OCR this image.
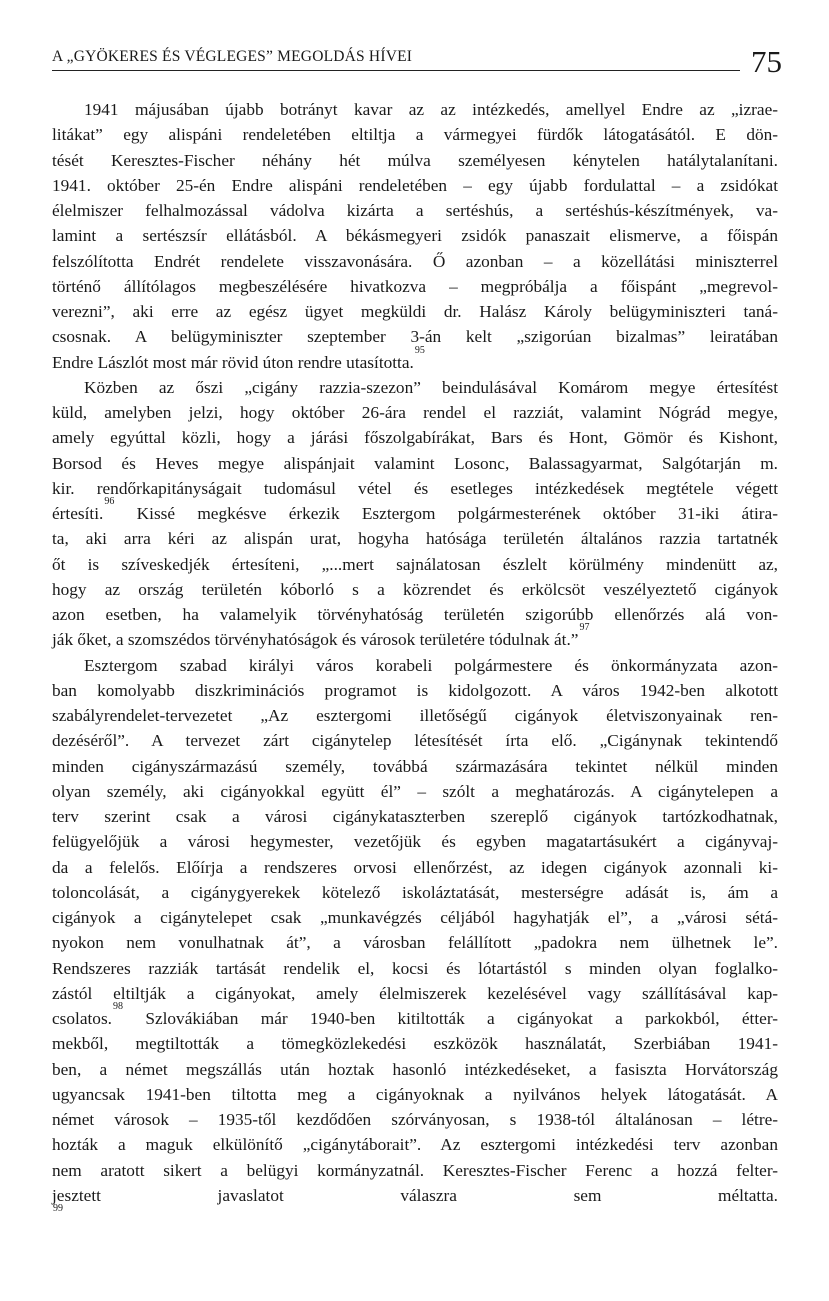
A „GYÖKERES ÉS VÉGLEGES” MEGOLDÁS HÍVEI	75
1941 májusában újabb botrányt kavar az az intézkedés, amellyel Endre az „izrae-
litákat” egy alispáni rendeletében eltiltja a vármegyei fürdők látogatásától. E dön-
tését Keresztes-Fischer néhány hét múlva személyesen kénytelen hatálytalanítani.
1941. október 25-én Endre alispáni rendeletében – egy újabb fordulattal – a zsidókat
élelmiszer felhalmozással vádolva kizárta a sertéshús, a sertéshús-készítmények, va-
lamint a sertészsír ellátásból. A békásmegyeri zsidók panaszait elismerve, a főispán
felszólította Endrét rendelete visszavonására. Ő azonban – a közellátási miniszterrel
történő állítólagos megbeszélésére hivatkozva – megpróbálja a főispánt „megrevol-
verezni”, aki erre az egész ügyet megküldi dr. Halász Károly belügyminiszteri taná-
csosnak. A belügyminiszter szeptember 3-án kelt „szigorúan bizalmas” leiratában
Endre Lászlót most már rövid úton rendre utasította.$^{95}$
Közben az őszi „cigány razzia-szezon” beindulásával Komárom megye értesítést
küld, amelyben jelzi, hogy október 26-ára rendel el razziát, valamint Nógrád megye,
amely egyúttal közli, hogy a járási főszolgabírákat, Bars és Hont, Gömör és Kishont,
Borsod és Heves megye alispánjait valamint Losonc, Balassagyarmat, Salgótarján m.
kir. rendőrkapitányságait tudomásul vétel és esetleges intézkedések megtétele végett
értesíti.$^{96}$ Kissé megkésve érkezik Esztergom polgármesterének október 31-iki átira-
ta, aki arra kéri az alispán urat, hogyha hatósága területén általános razzia tartatnék
őt is szíveskedjék értesíteni, „...mert sajnálatosan észlelt körülmény mindenütt az,
hogy az ország területén kóborló s a közrendet és erkölcsöt veszélyeztető cigányok
azon esetben, ha valamelyik törvényhatóság területén szigorúbb ellenőrzés alá von-
ják őket, a szomszédos törvényhatóságok és városok területére tódulnak át.”$^{97}$
Esztergom szabad királyi város korabeli polgármestere és önkormányzata azon-
ban komolyabb diszkriminációs programot is kidolgozott. A város 1942-ben alkotott
szabályrendelet-tervezetet „Az esztergomi illetőségű cigányok életviszonyainak ren-
dezéséről”. A tervezet zárt cigánytelep létesítését írta elő. „Cigánynak tekintendő
minden cigányszármazású személy, továbbá származására tekintet nélkül minden
olyan személy, aki cigányokkal együtt él” – szólt a meghatározás. A cigánytelepen a
terv szerint csak a városi cigánykataszterben szereplő cigányok tartózkodhatnak,
felügyelőjük a városi hegymester, vezetőjük és egyben magatartásukért a cigányvaj-
da a felelős. Előírja a rendszeres orvosi ellenőrzést, az idegen cigányok azonnali ki-
toloncolását, a cigánygyerekek kötelező iskoláztatását, mesterségre adását is, ám a
cigányok a cigánytelepet csak „munkavégzés céljából hagyhatják el”, a „városi sétá-
nyokon nem vonulhatnak át”, a városban felállított „padokra nem ülhetnek le”.
Rendszeres razziák tartását rendelik el, kocsi és lótartástól s minden olyan foglalko-
zástól eltiltják a cigányokat, amely élelmiszerek kezelésével vagy szállításával kap-
csolatos.$^{98}$ Szlovákiában már 1940-ben kitiltották a cigányokat a parkokból, étter-
mekből, megtiltották a tömegközlekedési eszközök használatát, Szerbiában 1941-
ben, a német megszállás után hoztak hasonló intézkedéseket, a fasiszta Horvátország
ugyancsak 1941-ben tiltotta meg a cigányoknak a nyilvános helyek látogatását. A
német városok – 1935-től kezdődően szórványosan, s 1938-tól általánosan – létre-
hozták a maguk elkülönítő „cigánytáborait”. Az esztergomi intézkedési terv azonban
nem aratott sikert a belügyi kormányzatnál. Keresztes-Fischer Ferenc a hozzá felter-
jesztett javaslatot válaszra sem méltatta.
$^{99}$
